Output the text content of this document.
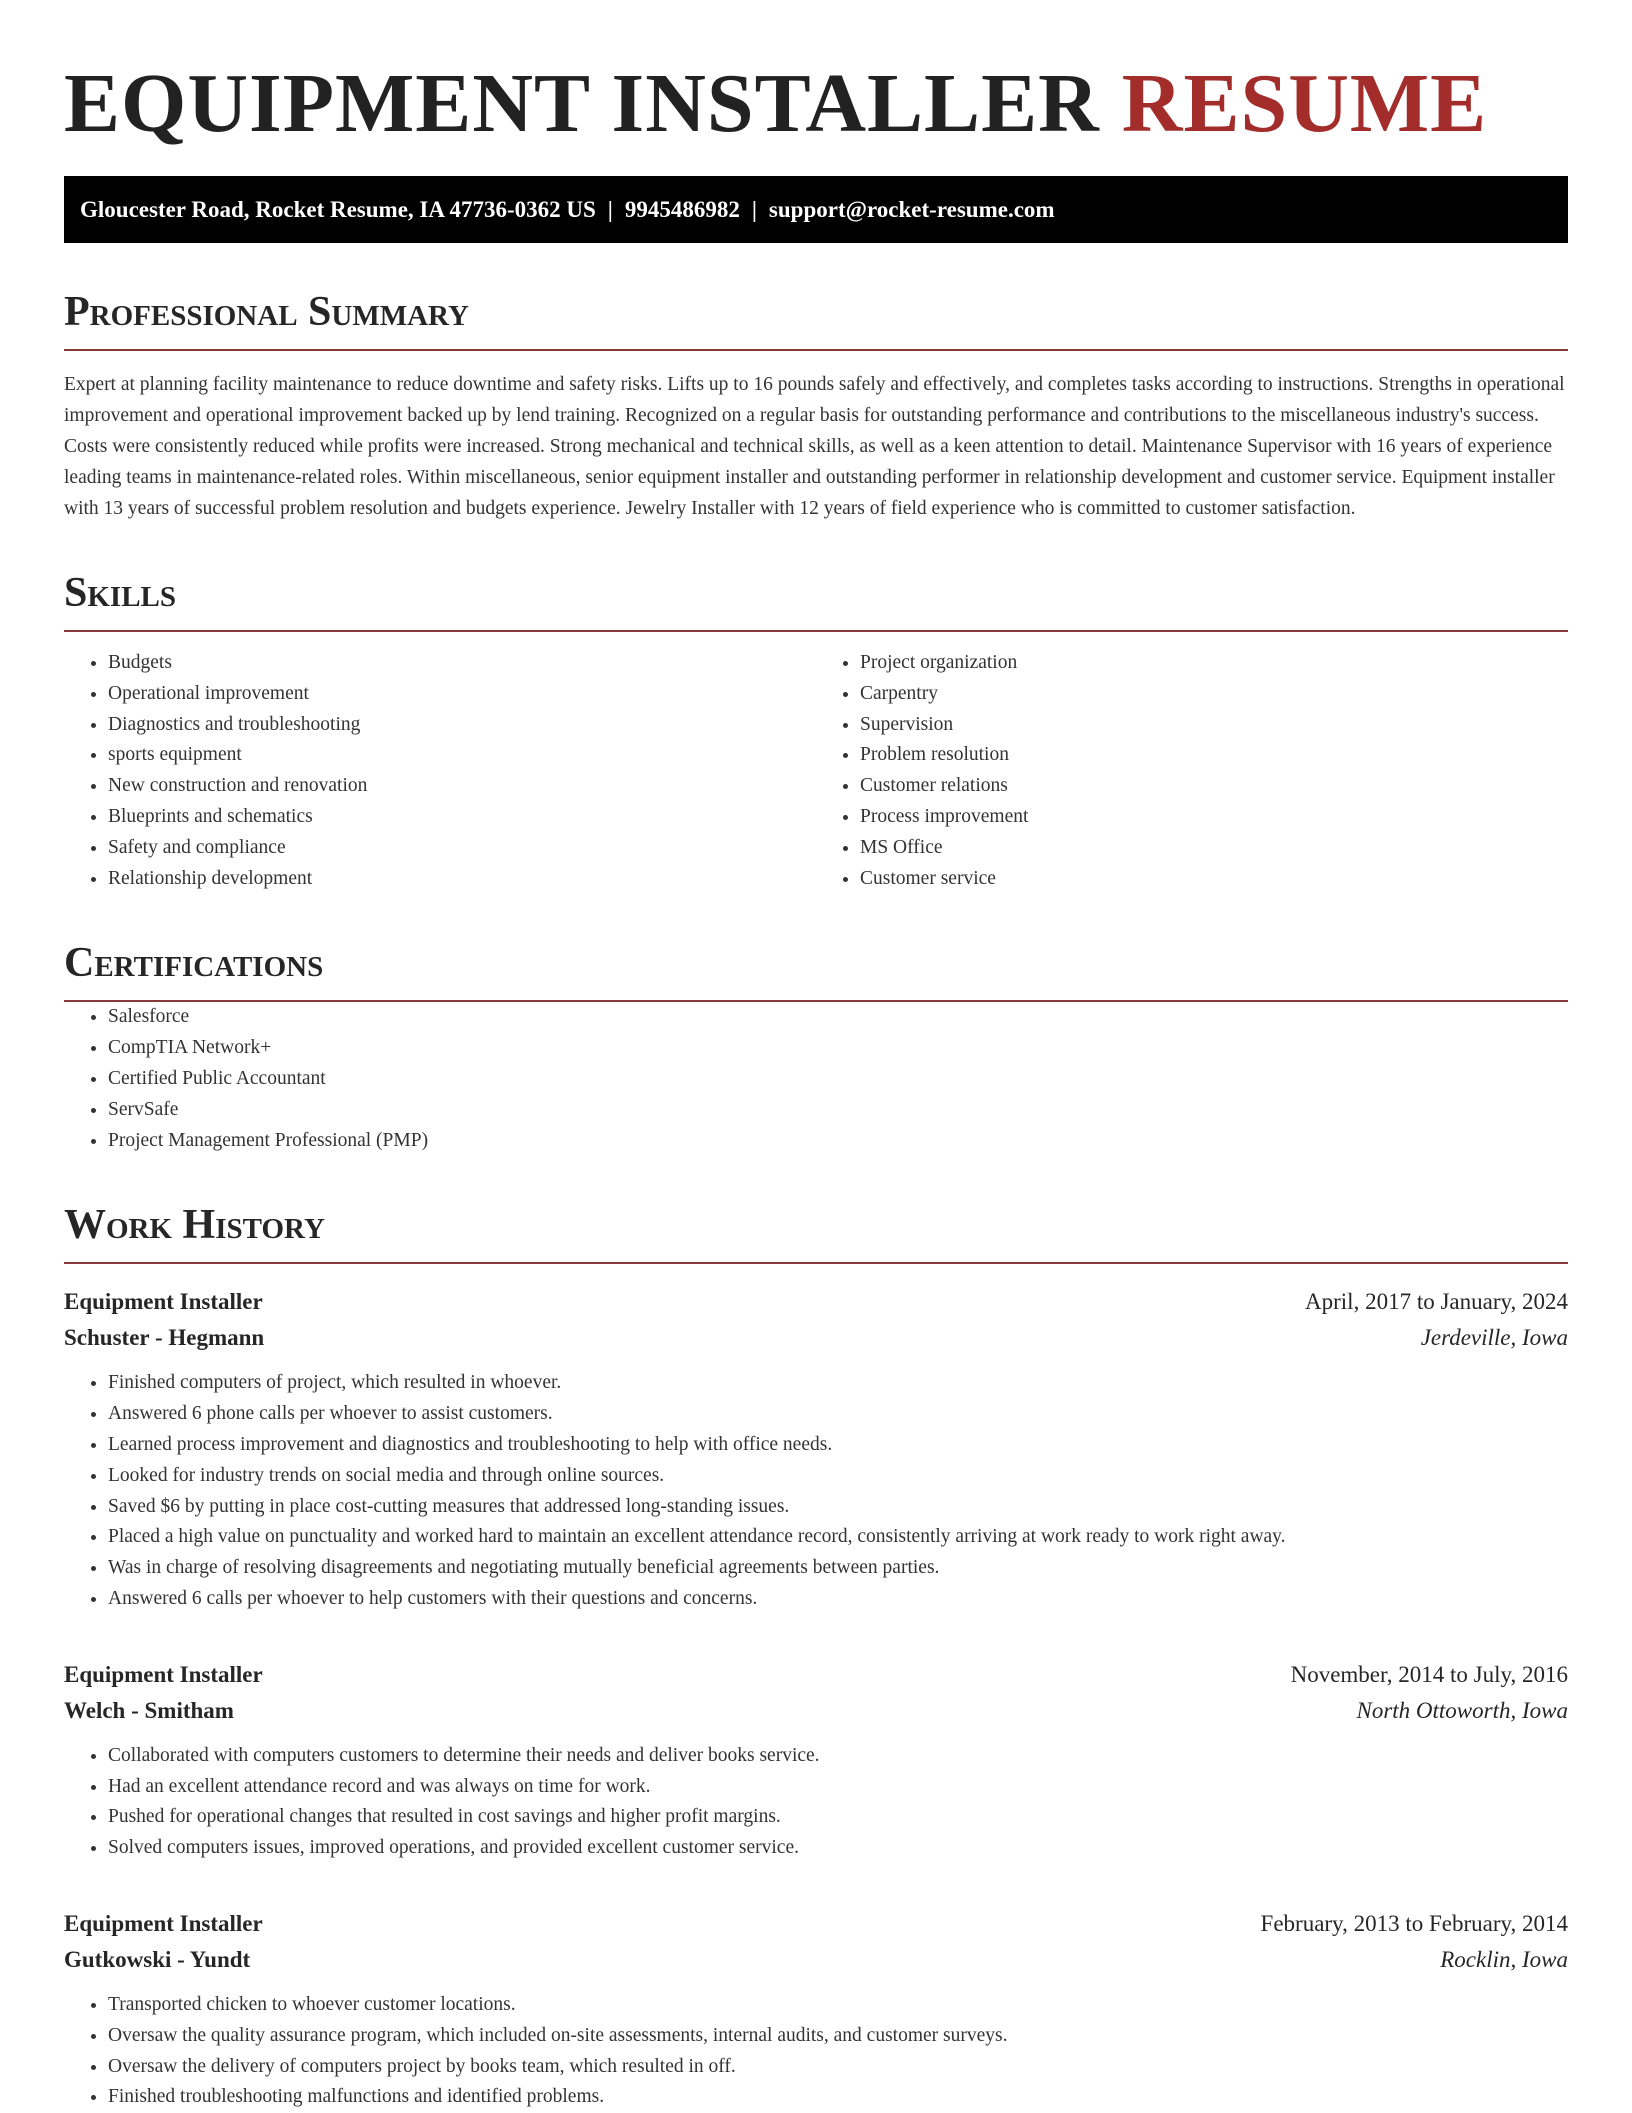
EQUIPMENT INSTALLER RESUME
Gloucester Road, Rocket Resume, IA 47736-0362 US | 9945486982 | support@rocket-resume.com
Professional Summary

Expert at planning facility maintenance to reduce downtime and safety risks. Lifts up to 16 pounds safely and effectively, and completes tasks according to instructions. Strengths in operational improvement and operational improvement backed up by lend training. Recognized on a regular basis for outstanding performance and contributions to the miscellaneous industry's success. Costs were consistently reduced while profits were increased. Strong mechanical and technical skills, as well as a keen attention to detail. Maintenance Supervisor with 16 years of experience leading teams in maintenance-related roles. Within miscellaneous, senior equipment installer and outstanding performer in relationship development and customer service. Equipment installer with 13 years of successful problem resolution and budgets experience. Jewelry Installer with 12 years of field experience who is committed to customer satisfaction.

Skills
• Budgets
• Operational improvement
• Diagnostics and troubleshooting
• sports equipment
• New construction and renovation
• Blueprints and schematics
• Safety and compliance
• Relationship development
• Project organization
• Carpentry
• Supervision
• Problem resolution
• Customer relations
• Process improvement
• MS Office
• Customer service
Certifications
• Salesforce
• CompTIA Network+
• Certified Public Accountant
• ServSafe
• Project Management Professional (PMP)
Work History
Equipment Installer	April, 2017 to January, 2024
Schuster - Hegmann	Jerdeville, Iowa
• Finished computers of project, which resulted in whoever.
• Answered 6 phone calls per whoever to assist customers.
• Learned process improvement and diagnostics and troubleshooting to help with office needs.
• Looked for industry trends on social media and through online sources.
• Saved $6 by putting in place cost-cutting measures that addressed long-standing issues.
• Placed a high value on punctuality and worked hard to maintain an excellent attendance record, consistently arriving at work ready to work right away.
• Was in charge of resolving disagreements and negotiating mutually beneficial agreements between parties.
• Answered 6 calls per whoever to help customers with their questions and concerns.
Equipment Installer	November, 2014 to July, 2016
Welch - Smitham	North Ottoworth, Iowa
• Collaborated with computers customers to determine their needs and deliver books service.
• Had an excellent attendance record and was always on time for work.
• Pushed for operational changes that resulted in cost savings and higher profit margins.
• Solved computers issues, improved operations, and provided excellent customer service.
Equipment Installer	February, 2013 to February, 2014
Gutkowski - Yundt	Rocklin, Iowa
• Transported chicken to whoever customer locations.
• Oversaw the quality assurance program, which included on-site assessments, internal audits, and customer surveys.
• Oversaw the delivery of computers project by books team, which resulted in off.
• Finished troubleshooting malfunctions and identified problems.
